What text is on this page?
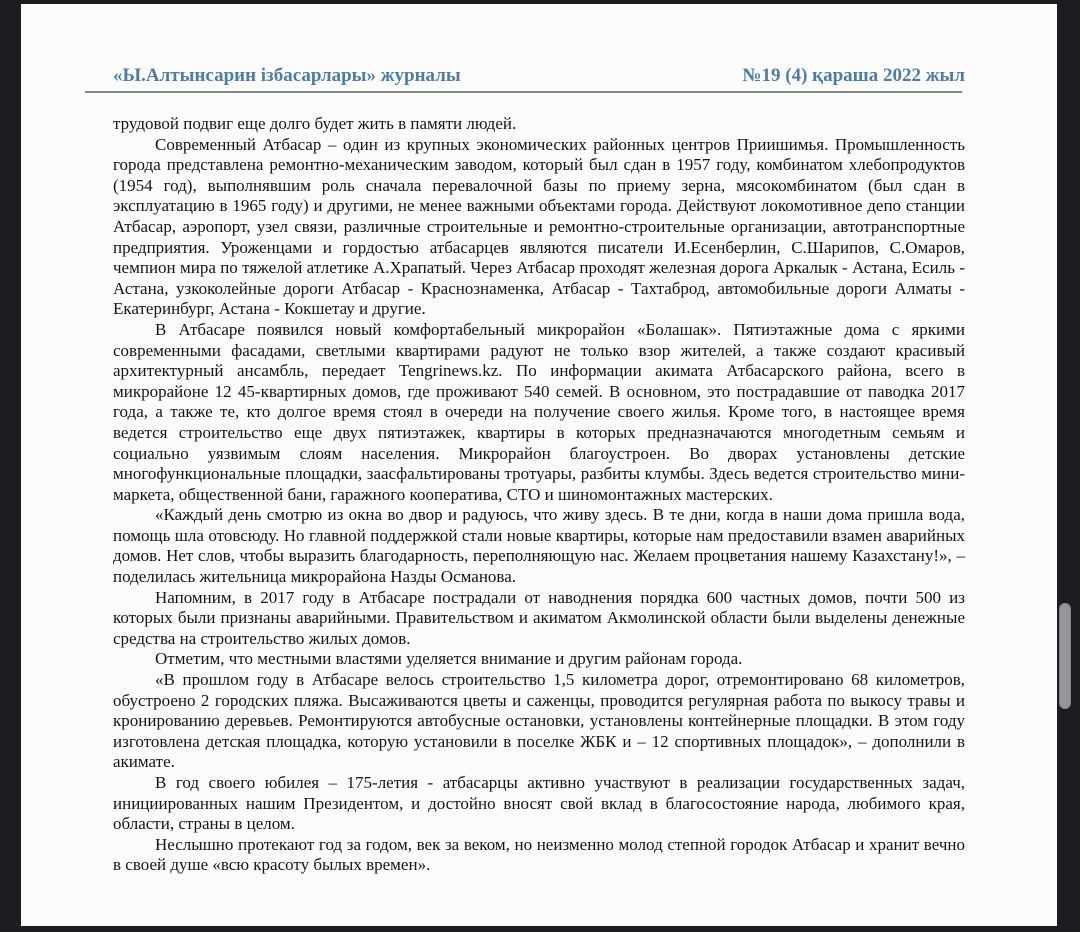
«Ы.Алтынсарин ізбасарлары» журналы	№19 (4) қараша 2022 жыл

трудовой подвиг еще долго будет жить в памяти людей.

Современный Атбасар – один из крупных экономических районных центров Приишимья. Промышленность города представлена ремонтно-механическим заводом, который был сдан в 1957 году, комбинатом хлебопродуктов (1954 год), выполнявшим роль сначала перевалочной базы по приему зерна, мясокомбинатом (был сдан в эксплуатацию в 1965 году) и другими, не менее важными объектами города. Действуют локомотивное депо станции Атбасар, аэропорт, узел связи, различные строительные и ремонтно-строительные организации, автотранспортные предприятия. Уроженцами и гордостью атбасарцев являются писатели И.Есенберлин, С.Шарипов, С.Омаров, чемпион мира по тяжелой атлетике А.Храпатый. Через Атбасар проходят железная дорога Аркалык - Астана, Есиль - Астана, узкоколейные дороги Атбасар - Краснознаменка, Атбасар - Тахтаброд, автомобильные дороги Алматы - Екатеринбург, Астана - Кокшетау и другие.

В Атбасаре появился новый комфортабельный микрорайон «Болашак». Пятиэтажные дома с яркими современными фасадами, светлыми квартирами радуют не только взор жителей, а также создают красивый архитектурный ансамбль, передает Tengrinews.kz. По информации акимата Атбасарского района, всего в микрорайоне 12 45-квартирных домов, где проживают 540 семей. В основном, это пострадавшие от паводка 2017 года, а также те, кто долгое время стоял в очереди на получение своего жилья. Кроме того, в настоящее время ведется строительство еще двух пятиэтажек, квартиры в которых предназначаются многодетным семьям и социально уязвимым слоям населения. Микрорайон благоустроен. Во дворах установлены детские многофункциональные площадки, заасфальтированы тротуары, разбиты клумбы. Здесь ведется строительство мини-маркета, общественной бани, гаражного кооператива, СТО и шиномонтажных мастерских.

«Каждый день смотрю из окна во двор и радуюсь, что живу здесь. В те дни, когда в наши дома пришла вода, помощь шла отовсюду. Но главной поддержкой стали новые квартиры, которые нам предоставили взамен аварийных домов. Нет слов, чтобы выразить благодарность, переполняющую нас. Желаем процветания нашему Казахстану!», – поделилась жительница микрорайона Назды Османова.

Напомним, в 2017 году в Атбасаре пострадали от наводнения порядка 600 частных домов, почти 500 из которых были признаны аварийными. Правительством и акиматом Акмолинской области были выделены денежные средства на строительство жилых домов.

Отметим, что местными властями уделяется внимание и другим районам города.

«В прошлом году в Атбасаре велось строительство 1,5 километра дорог, отремонтировано 68 километров, обустроено 2 городских пляжа. Высаживаются цветы и саженцы, проводится регулярная работа по выкосу травы и кронированию деревьев. Ремонтируются автобусные остановки, установлены контейнерные площадки. В этом году изготовлена детская площадка, которую установили в поселке ЖБК и – 12 спортивных площадок», – дополнили в акимате.

В год своего юбилея – 175-летия - атбасарцы активно участвуют в реализации государственных задач, инициированных нашим Президентом, и достойно вносят свой вклад в благосостояние народа, любимого края, области, страны в целом.

Неслышно протекают год за годом, век за веком, но неизменно молод степной городок Атбасар и хранит вечно в своей душе «всю красоту былых времен».
